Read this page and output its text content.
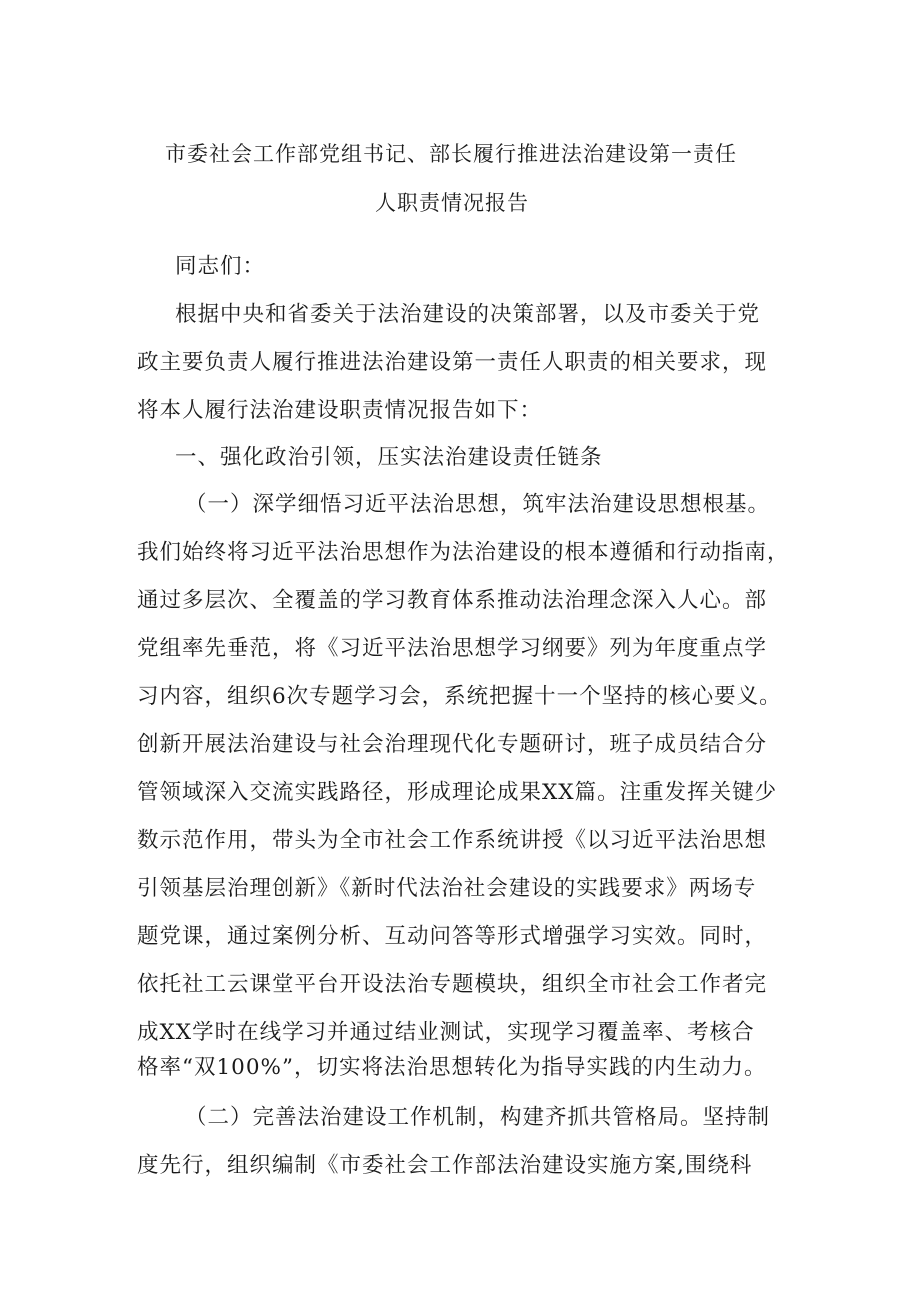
市委社会工作部党组书记、部长履行推进法治建设第一责任
人职责情况报告
同志们：
根据中央和省委关于法治建设的决策部署，以及市委关于党
政主要负责人履行推进法治建设第一责任人职责的相关要求，现
将本人履行法治建设职责情况报告如下：
一、强化政治引领，压实法治建设责任链条
（一）深学细悟习近平法治思想，筑牢法治建设思想根基。
我们始终将习近平法治思想作为法治建设的根本遵循和行动指南，
通过多层次、全覆盖的学习教育体系推动法治理念深入人心。部
党组率先垂范，将《习近平法治思想学习纲要》列为年度重点学
习内容，组织6次专题学习会，系统把握十一个坚持的核心要义。
创新开展法治建设与社会治理现代化专题研讨，班子成员结合分
管领域深入交流实践路径，形成理论成果XX篇。注重发挥关键少
数示范作用，带头为全市社会工作系统讲授《以习近平法治思想
引领基层治理创新》《新时代法治社会建设的实践要求》两场专
题党课，通过案例分析、互动问答等形式增强学习实效。同时，
依托社工云课堂平台开设法治专题模块，组织全市社会工作者完
成XX学时在线学习并通过结业测试，实现学习覆盖率、考核合
格率“双100%”，切实将法治思想转化为指导实践的内生动力。
（二）完善法治建设工作机制，构建齐抓共管格局。坚持制
度先行，组织编制《市委社会工作部法治建设实施方案,围绕科
